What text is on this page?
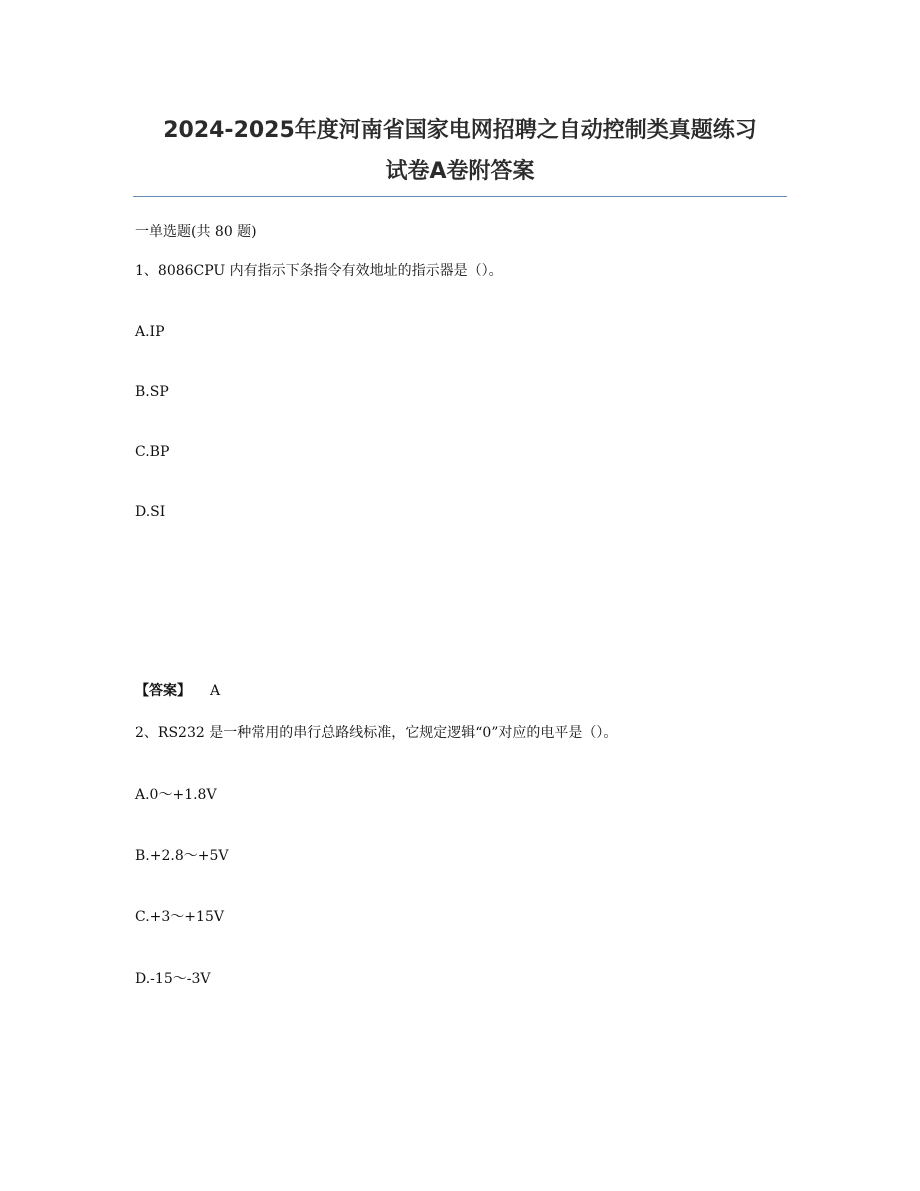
2024-2025年度河南省国家电网招聘之自动控制类真题练习
试卷A卷附答案
一单选题(共 80 题)
1、8086CPU 内有指示下条指令有效地址的指示器是（）。
A.IP
B.SP
C.BP
D.SI
【答案】 A
2、RS232 是一种常用的串行总路线标准，它规定逻辑“0”对应的电平是（）。
A.0～+1.8V
B.+2.8～+5V
C.+3～+15V
D.-15～-3V
